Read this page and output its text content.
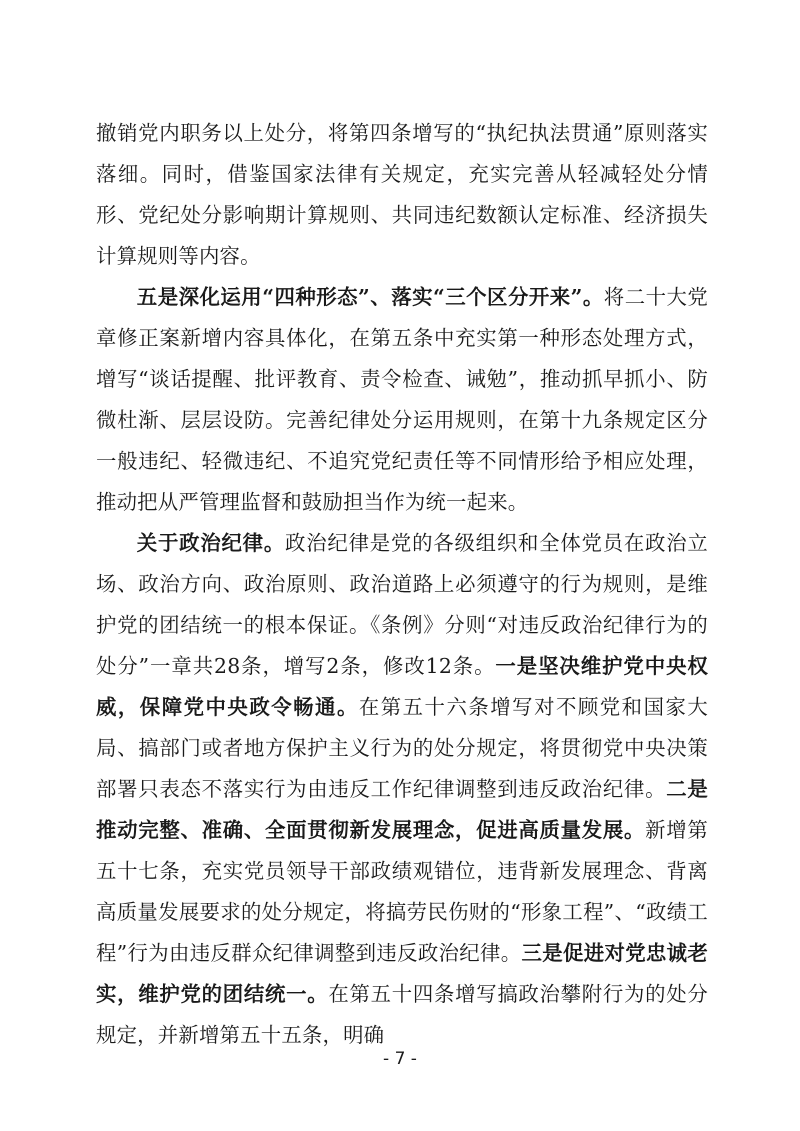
撤销党内职务以上处分，将第四条增写的“执纪执法贯通”原则落实落细。同时，借鉴国家法律有关规定，充实完善从轻减轻处分情形、党纪处分影响期计算规则、共同违纪数额认定标准、经济损失计算规则等内容。

五是深化运用“四种形态”、落实“三个区分开来”。将二十大党章修正案新增内容具体化，在第五条中充实第一种形态处理方式，增写“谈话提醒、批评教育、责令检查、诫勉”，推动抓早抓小、防微杜渐、层层设防。完善纪律处分运用规则，在第十九条规定区分一般违纪、轻微违纪、不追究党纪责任等不同情形给予相应处理，推动把从严管理监督和鼓励担当作为统一起来。

关于政治纪律。政治纪律是党的各级组织和全体党员在政治立场、政治方向、政治原则、政治道路上必须遵守的行为规则，是维护党的团结统一的根本保证。《条例》分则“对违反政治纪律行为的处分”一章共28条，增写2条，修改12条。一是坚决维护党中央权威，保障党中央政令畅通。在第五十六条增写对不顾党和国家大局、搞部门或者地方保护主义行为的处分规定，将贯彻党中央决策部署只表态不落实行为由违反工作纪律调整到违反政治纪律。二是推动完整、准确、全面贯彻新发展理念，促进高质量发展。新增第五十七条，充实党员领导干部政绩观错位，违背新发展理念、背离高质量发展要求的处分规定，将搞劳民伤财的“形象工程”、“政绩工程”行为由违反群众纪律调整到违反政治纪律。三是促进对党忠诚老实，维护党的团结统一。在第五十四条增写搞政治攀附行为的处分规定，并新增第五十五条，明确

- 7 -
